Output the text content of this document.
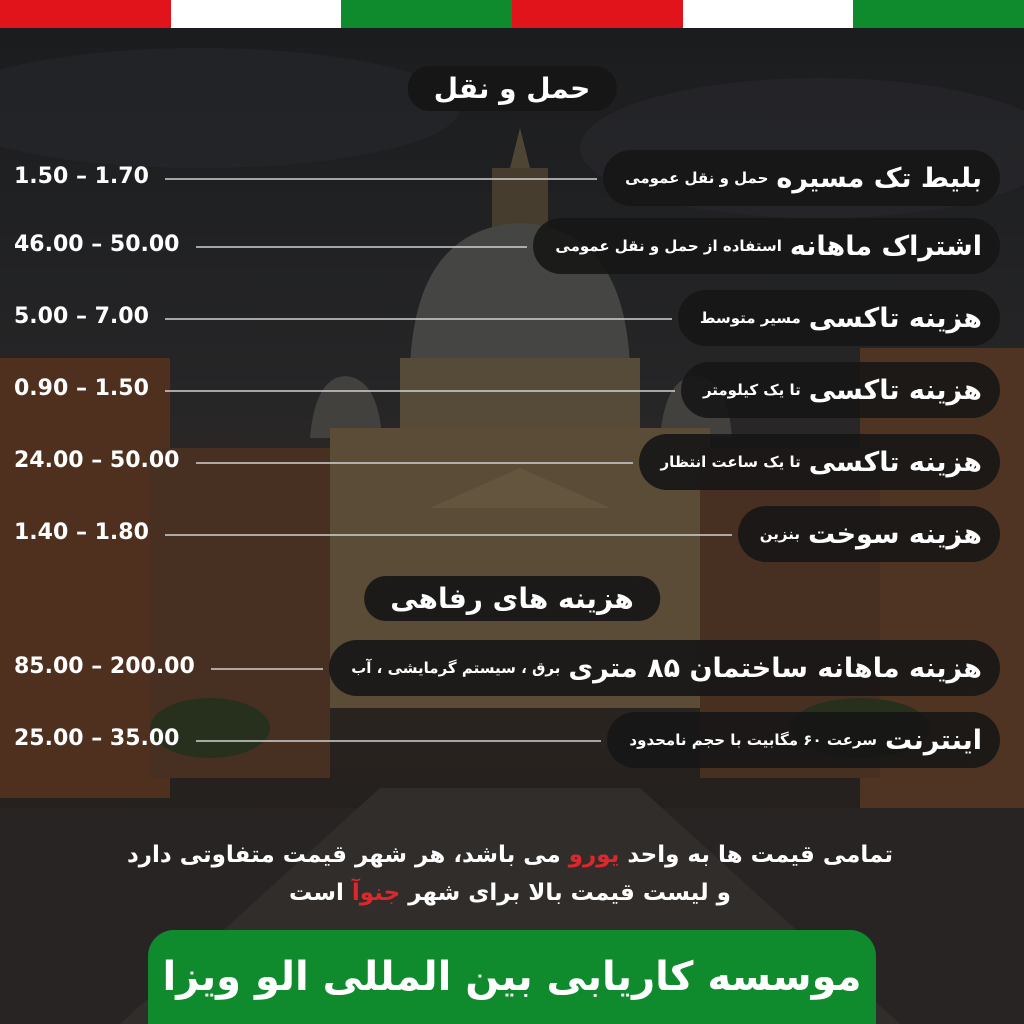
حمل و نقل
1.50 – 1.70	بلیط تک مسیره
حمل و نقل عمومی
46.00 – 50.00	اشتراک ماهانه
استفاده از حمل و نقل عمومی
5.00 – 7.00	هزینه تاکسی
مسیر متوسط
0.90 – 1.50	هزینه تاکسی
تا یک کیلومتر
24.00 – 50.00	هزینه تاکسی
تا یک ساعت انتظار
1.40 – 1.80	هزینه سوخت
بنزین
هزینه های رفاهی
85.00 – 200.00	هزینه ماهانه ساختمان ۸۵ متری
برق ، سیستم گرمایشی ، آب
25.00 – 35.00	اینترنت
سرعت ۶۰ مگابیت با حجم نامحدود
تمامی قیمت ها به واحد یورو می باشد، هر شهر قیمت متفاوتی دارد و لیست قیمت بالا برای شهر جنوآ است
موسسه کاریابی بین المللی الو ویزا
